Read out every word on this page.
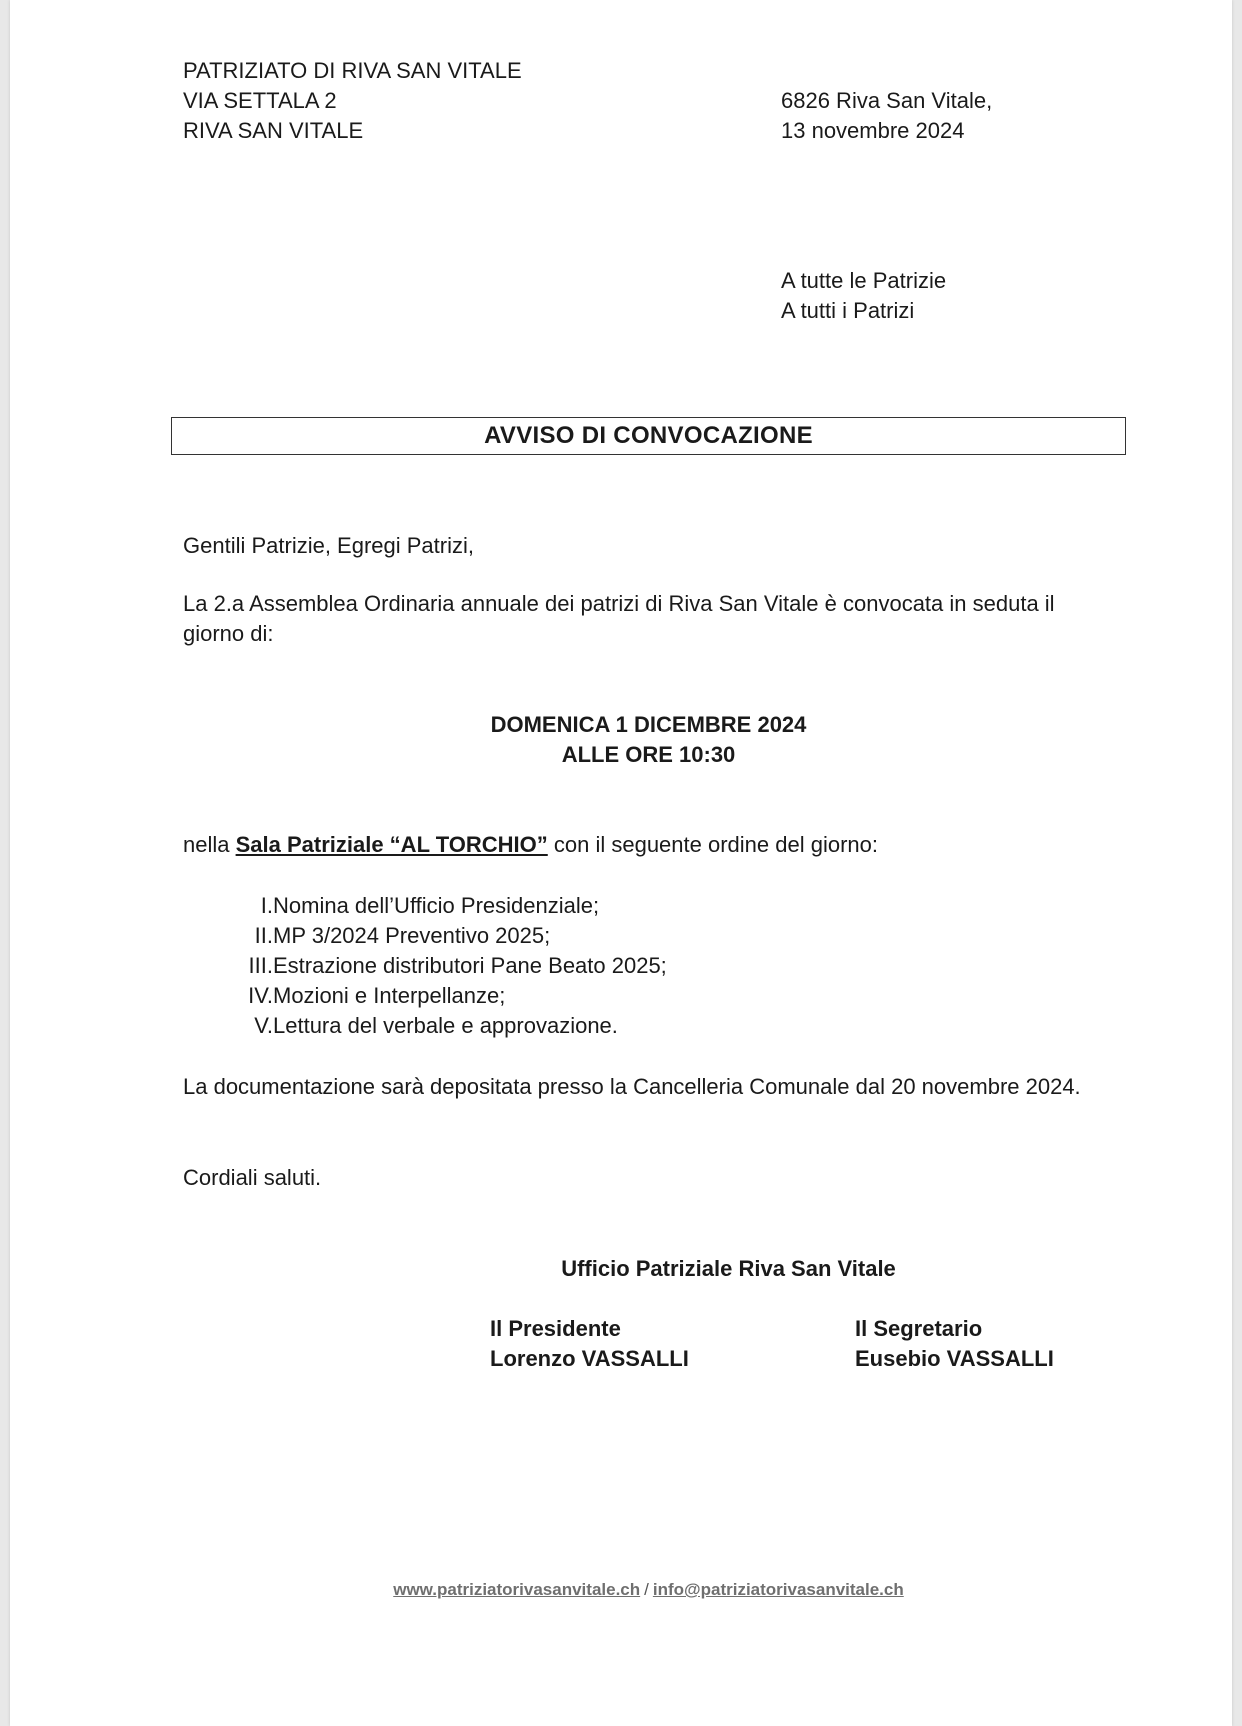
PATRIZIATO DI RIVA SAN VITALE
VIA SETTALA 2
RIVA SAN VITALE
6826 Riva San Vitale,
13 novembre 2024
A tutte le Patrizie
A tutti i Patrizi
AVVISO DI CONVOCAZIONE
Gentili Patrizie, Egregi Patrizi,
La 2.a Assemblea Ordinaria annuale dei patrizi di Riva San Vitale è convocata in seduta il giorno di:
DOMENICA 1 DICEMBRE 2024
ALLE ORE 10:30
nella Sala Patriziale “AL TORCHIO” con il seguente ordine del giorno:
I. Nomina dell’Ufficio Presidenziale;
II. MP 3/2024 Preventivo 2025;
III. Estrazione distributori Pane Beato 2025;
IV. Mozioni e Interpellanze;
V. Lettura del verbale e approvazione.
La documentazione sarà depositata presso la Cancelleria Comunale dal 20 novembre 2024.
Cordiali saluti.
Ufficio Patriziale Riva San Vitale
Il Presidente
Lorenzo VASSALLI
Il Segretario
Eusebio VASSALLI
www.patriziatorivasanvitale.ch / info@patriziatorivasanvitale.ch
